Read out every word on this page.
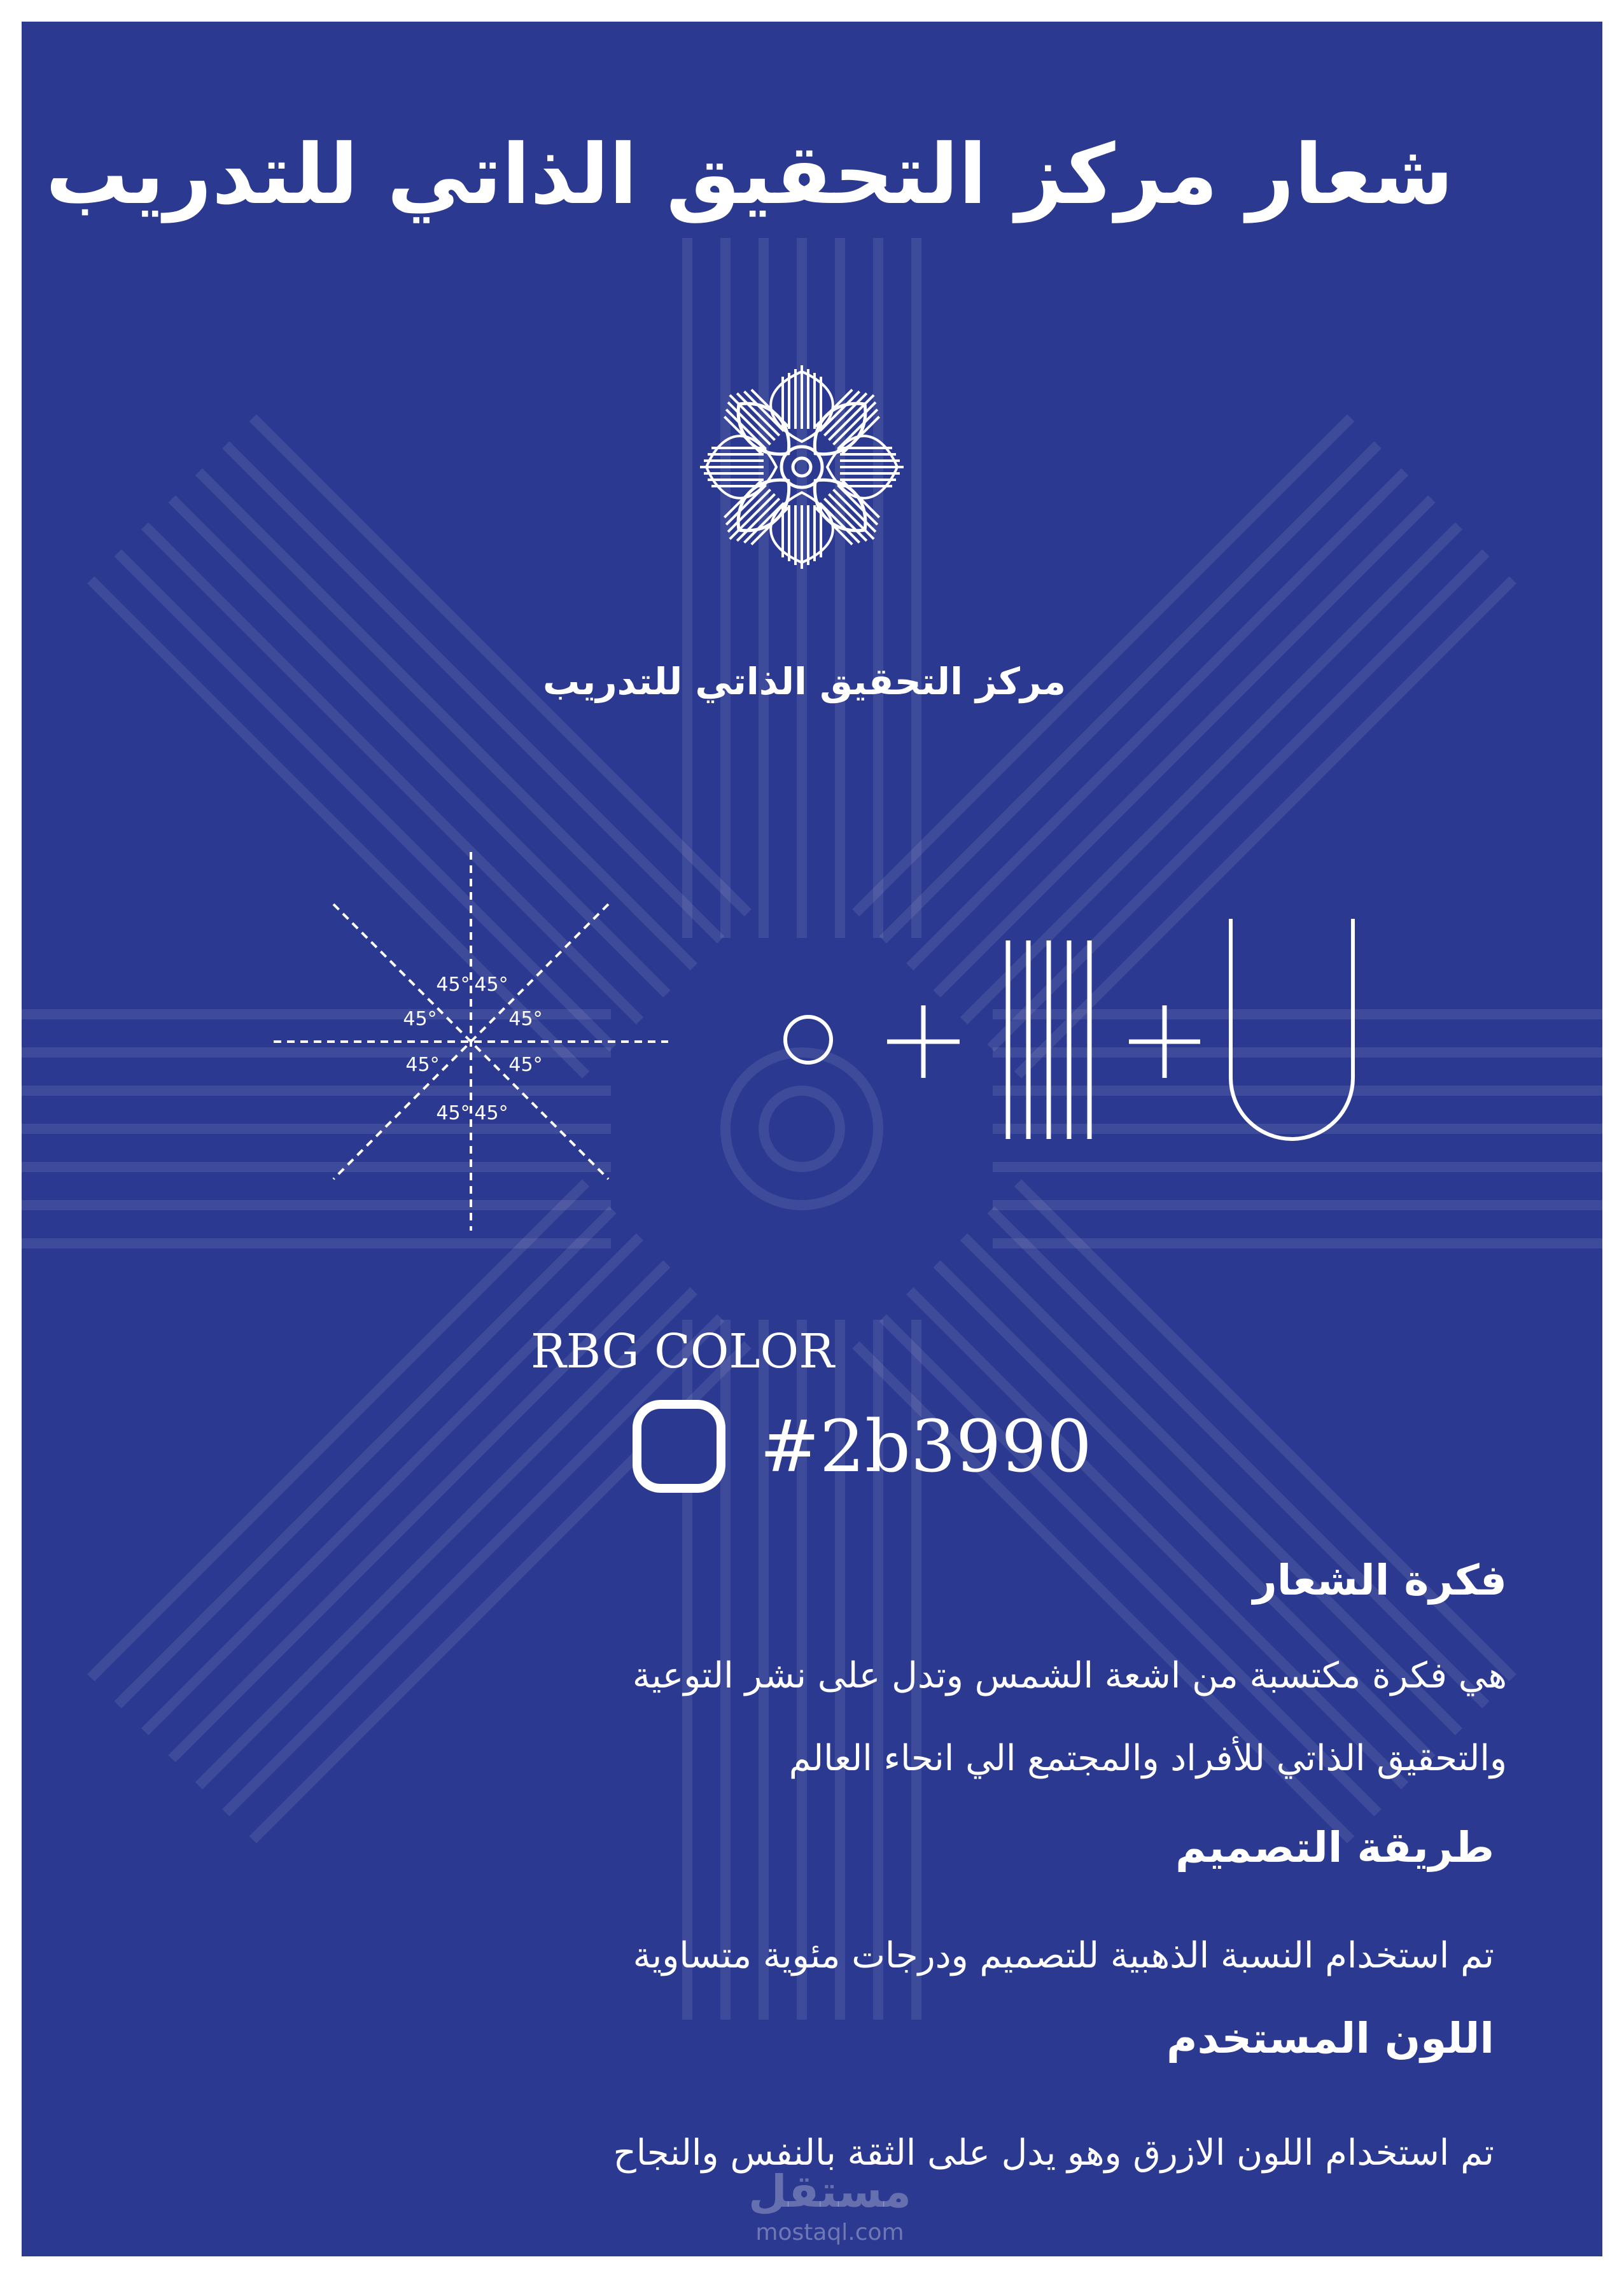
شعار مركز التحقيق الذاتي للتدريب

مركز التحقيق الذاتي للتدريب

45° 45°
45°	45°
45°	45°
45° 45°

RBG COLOR

#2b3990

فكرة الشعار

هي فكرة مكتسبة من اشعة الشمس وتدل على نشر التوعية

والتحقيق الذاتي للأفراد والمجتمع الي انحاء العالم

طريقة التصميم

تم استخدام النسبة الذهبية للتصميم ودرجات مئوية متساوية

اللون المستخدم

تم استخدام اللون الازرق وهو يدل على الثقة بالنفس والنجاح

مستقل
mostaql.com
